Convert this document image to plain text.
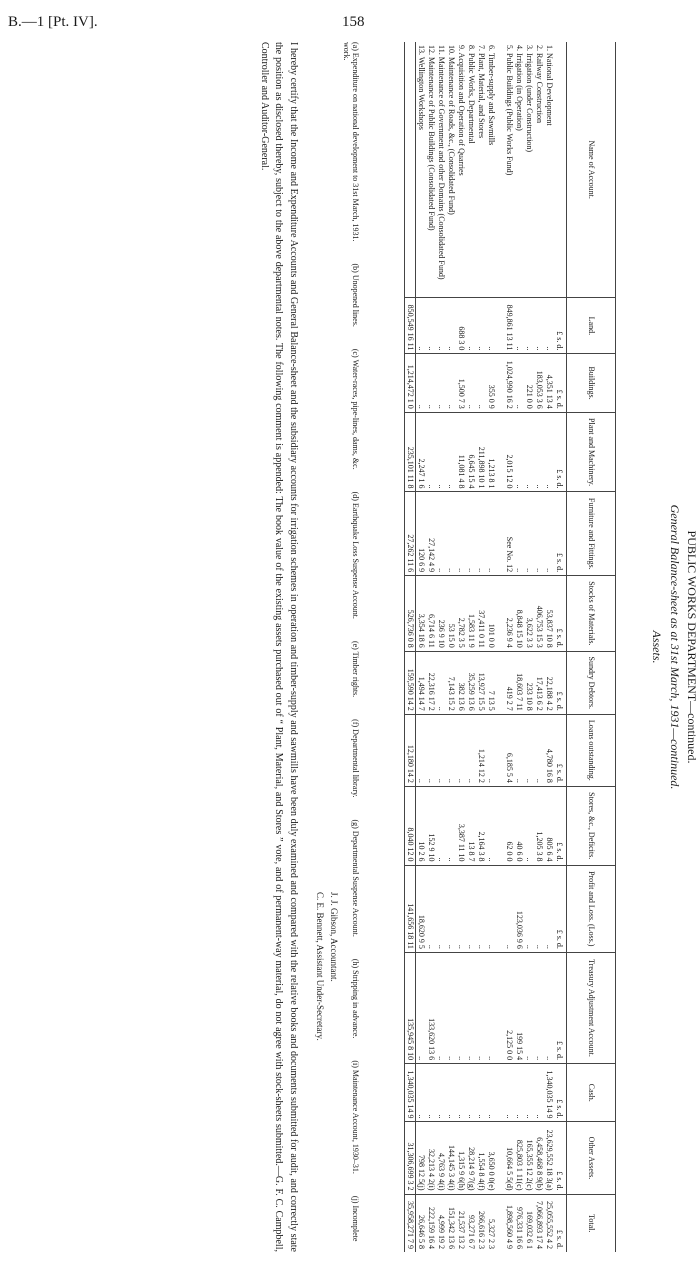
B.—1 [Pt. IV].	158
PUBLIC WORKS DEPARTMENT—continued.
General Balance-sheet as at 31st March, 1931—continued.
Assets.
Name of Account.	Land.	Buildings.	Plant and Machinery.	Furniture and Fittings.	Stocks of Materials.	Sundry Debtors.	Loans outstanding.	Stores, &c., Deficits.	Profit and Loss. (Loss.)	Treasury Adjustment Account.	Cash.	Other Assets.	Total.
	£ s. d.	£ s. d.	£ s. d.	£ s. d.	£ s. d.	£ s. d.	£ s. d.	£ s. d.	£ s. d.	£ s. d.	£ s. d.	£ s. d.	£ s. d.
1. National Development	..	4,351 13 4	..	..	53,837 10 8	22,188 4 2	4,780 16 8	805 6 4	..	..	1,340,035 14 9	23,629,552 18 3(a)	25,055,552 4 2
2. Railway Construction	..	183,053 3 6	..	..	406,753 15 3	17,413 6 2	..	1,205 3 8	..	..	..	6,458,468 8 9(b)	7,066,893 17 4
3. Irrigation (under Construction)	..	221 0 0	..	..	3,622 3 3	233 10 8	..	..	..	..	..	165,355 12 2(c)	169,032 6 1
4. Irrigation (in Operation)	..	..	..	..	8,848 15 10	18,603 7 11	..	40 6 0	123,036 9 6	199 15 4	..	825,803 1 11(c)	976,331 16 6
5. Public Buildings (Public Works Fund)	849,861 13 11	1,024,990 16 2	2,015 12 0	See No. 12	2,236 9 4	419 2 7	6,185 5 4	62 0 0	..	2,125 0 0	..	10,664 5 5(d)	1,898,560 4 9

6. Timber-supply and Sawmills	..	355 0 9	1,213 8 1	..	101 0 0	7 13 5	..	..	..	..	..	3,650 0 0(e)	5,327 2 3
7. Plant, Material, and Stores	..	..	211,898 10 1	..	37,411 0 11	13,927 15 5	1,214 12 2	2,164 3 8	..	..	..	1,554 8 4(f)	266,616 2 3
8. Public Works, Departmental	..	..	6,645 15 4	..	1,583 11 9	35,259 13 6	..	13 8 7	..	..	..	28,214 9 7(g)	93,271 6 7
9. Acquisition and Operation of Quarries	688 3 0	1,500 7 3	11,081 4 8	..	2,782 3 5	382 13 6	..	3,387 11 10	..	..	..	1,315 9 6(h)	21,537 13 2
10. Maintenance of Roads, &c., (Consolidated Fund)	..	..	..	..	53 15 0	7,143 15 2	..	..	..	..	..	144,145 3 4(i)	151,342 13 6
11. Maintenance of Government and other Domains (Consolidated Fund)	..	..	..	..	236 9 10	..	..	..	..	..	..	4,763 9 4(i)	4,999 19 2
12. Maintenance of Public Buildings (Consolidated Fund)	..	..	..	27,142 4 9	6,714 6 11	22,316 17 2	..	152 9 10	..	133,620 13 6	..	32,213 4 2(i)	222,159 16 4
13. Wellington Workshops	..	..	2,247 1 6	120 6 9	3,354 18 6	1,494 14 7	..	10 2 6	18,620 9 5	..	..	798 12 5(j)	26,646 5 8
	850,549 16 11	1,214,472 1 0	235,101 11 8	27,262 11 6	526,736 0 8	159,590 14 2	12,180 14 2	8,040 12 0	141,656 18 11	135,945 8 10	1,340,035 14 9	31,306,699 3 2	35,958,271 7 9
(a) Expenditure on national development to 31st March, 1931.(b) Unopened lines.(c) Water-races, pipe-lines, dams, &c.(d) Earthquake Loss Suspense Account.(e) Timber rights.(f) Departmental library.(g) Departmental Suspense Account.(h) Stripping in advance.(i) Maintenance Account, 1930–31.(j) Incomplete work.
J. J. Gibson, Accountant.
C. E. Bennett, Assistant Under-Secretary.
I hereby certify that the Income and Expenditure Accounts and General Balance-sheet and the subsidiary accounts for irrigation schemes in operation and timber-supply and sawmills have been duly examined and compared with the relative books and documents submitted for audit, and correctly state the position as disclosed thereby, subject to the above departmental notes. The following comment is appended: The book value of the existing assets purchased out of “ Plant, Material, and Stores ” vote, and of permanent-way material, do not agree with stock-sheets submitted.—G. F. C. Campbell, Controller and Auditor-General.
